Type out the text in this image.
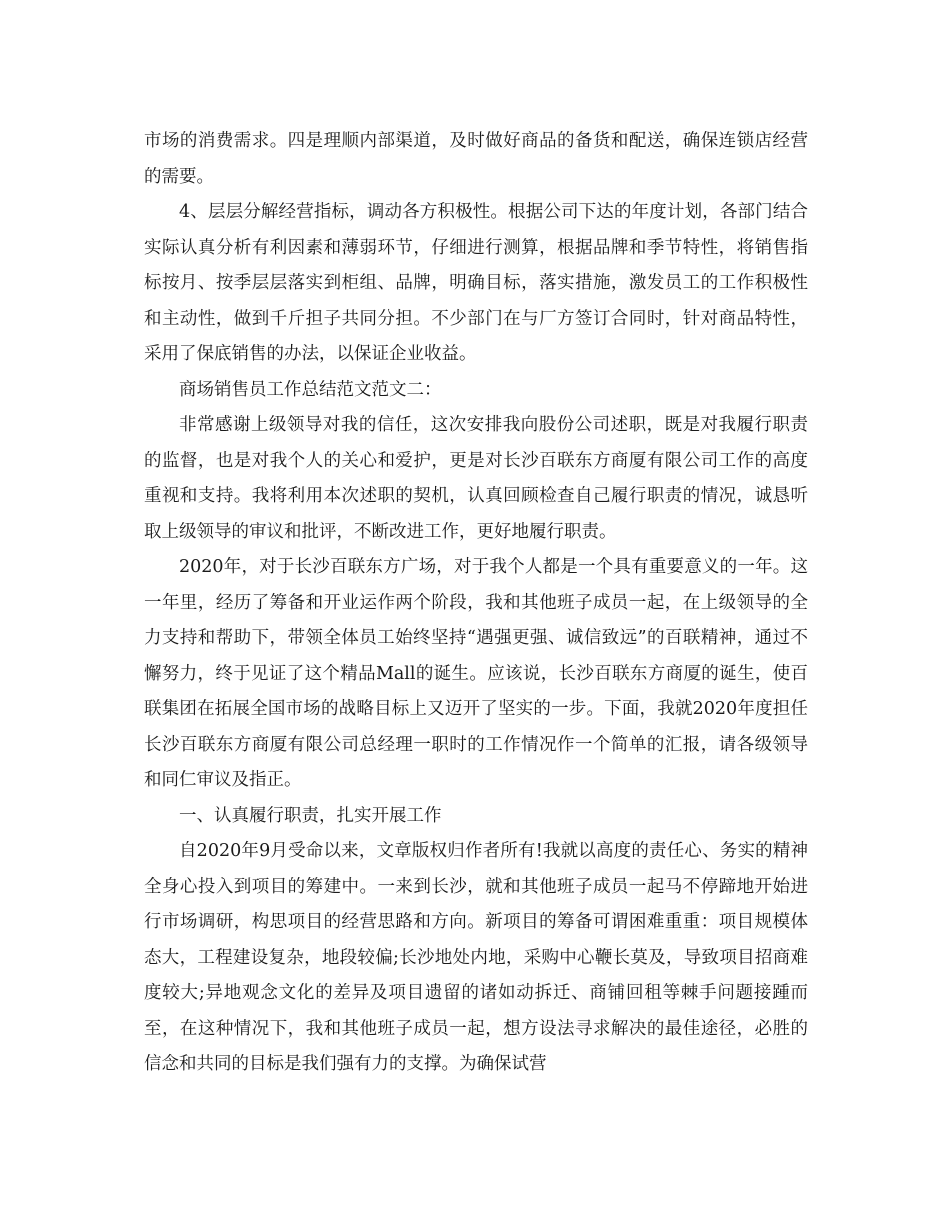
市场的消费需求。四是理顺内部渠道，及时做好商品的备货和配送，确保连锁店经营的需要。

4、层层分解经营指标，调动各方积极性。根据公司下达的年度计划，各部门结合实际认真分析有利因素和薄弱环节，仔细进行测算，根据品牌和季节特性，将销售指标按月、按季层层落实到柜组、品牌，明确目标，落实措施，激发员工的工作积极性和主动性，做到千斤担子共同分担。不少部门在与厂方签订合同时，针对商品特性，采用了保底销售的办法，以保证企业收益。

商场销售员工作总结范文范文二：

非常感谢上级领导对我的信任，这次安排我向股份公司述职，既是对我履行职责的监督，也是对我个人的关心和爱护，更是对长沙百联东方商厦有限公司工作的高度重视和支持。我将利用本次述职的契机，认真回顾检查自己履行职责的情况，诚恳听取上级领导的审议和批评，不断改进工作，更好地履行职责。

2020年，对于长沙百联东方广场，对于我个人都是一个具有重要意义的一年。这一年里，经历了筹备和开业运作两个阶段，我和其他班子成员一起，在上级领导的全力支持和帮助下，带领全体员工始终坚持“遇强更强、诚信致远”的百联精神，通过不懈努力，终于见证了这个精品Mall的诞生。应该说，长沙百联东方商厦的诞生，使百联集团在拓展全国市场的战略目标上又迈开了坚实的一步。下面，我就2020年度担任长沙百联东方商厦有限公司总经理一职时的工作情况作一个简单的汇报，请各级领导和同仁审议及指正。

一、认真履行职责，扎实开展工作

自2020年9月受命以来，文章版权归作者所有!我就以高度的责任心、务实的精神全身心投入到项目的筹建中。一来到长沙，就和其他班子成员一起马不停蹄地开始进行市场调研，构思项目的经营思路和方向。新项目的筹备可谓困难重重：项目规模体态大，工程建设复杂，地段较偏;长沙地处内地，采购中心鞭长莫及，导致项目招商难度较大;异地观念文化的差异及项目遗留的诸如动拆迁、商铺回租等棘手问题接踵而至，在这种情况下，我和其他班子成员一起，想方设法寻求解决的最佳途径，必胜的信念和共同的目标是我们强有力的支撑。为确保试营
